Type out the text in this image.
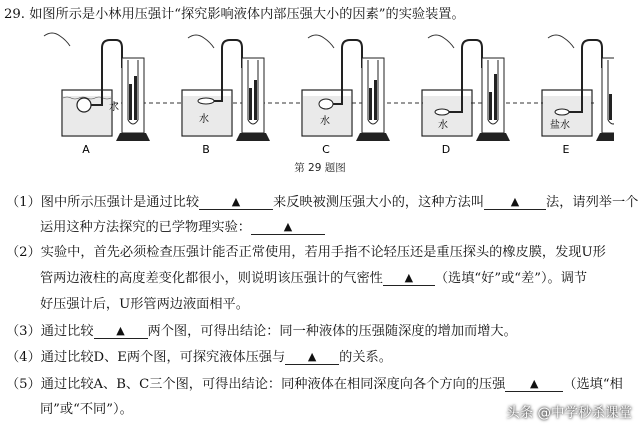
29. 如图所示是小林用压强计“探究影响液体内部压强大小的因素”的实验装置。
水
A
水
B
水
C
水
D
盐水
E
第 29 题图
（1）图中所示压强计是通过比较	▲ 来反映被测压强大小的，这种方法叫 ▲ 法，请列举一个
运用这种方法探究的已学物理实验：	▲
（2）实验中，首先必须检查压强计能否正常使用，若用手指不论轻压还是重压探头的橡皮膜，发现U形
管两边液柱的高度差变化都很小，则说明该压强计的气密性 ▲ （选填“好”或“差”）。调节
好压强计后，U形管两边液面相平。
（3）通过比较 ▲ 两个图，可得出结论：同一种液体的压强随深度的增加而增大。
（4）通过比较D、E两个图，可探究液体压强与 ▲ 的关系。
（5）通过比较A、B、C三个图，可得出结论：同种液体在相同深度向各个方向的压强 ▲ （选填“相
同”或“不同”）。	头条 @中学秒杀课堂
